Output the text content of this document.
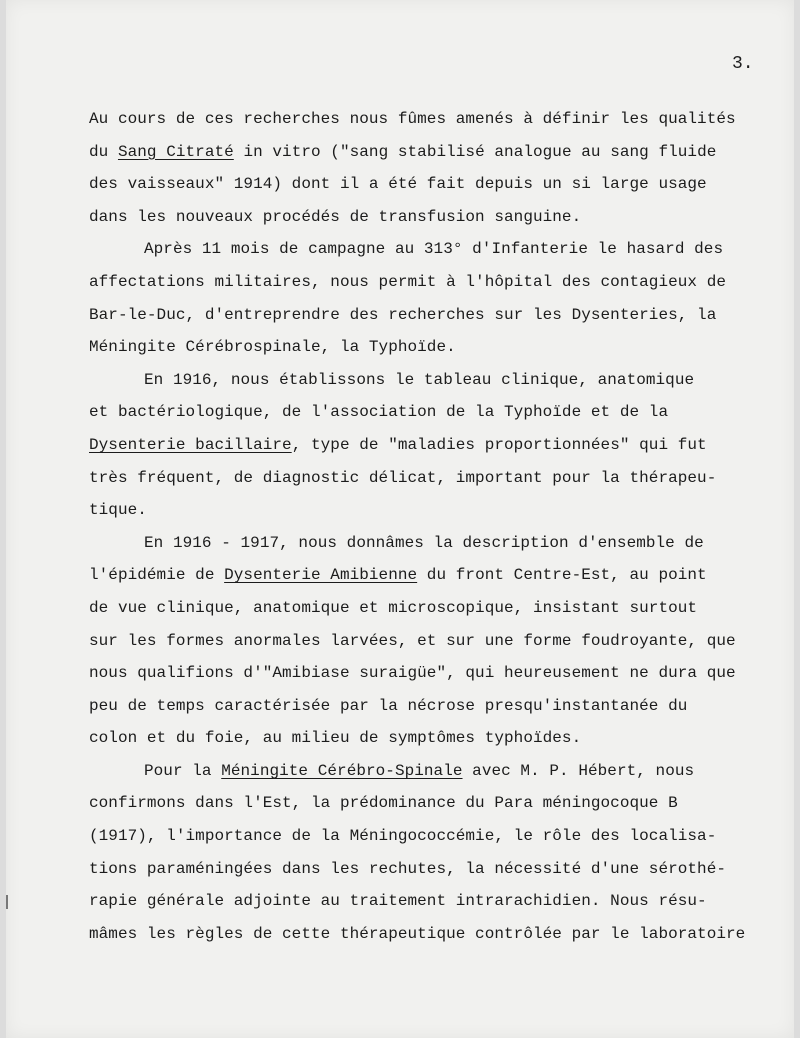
3.

Au cours de ces recherches nous fûmes amenés à définir les qualités
du Sang Citraté in vitro ("sang stabilisé analogue au sang fluide
des vaisseaux" 1914) dont il a été fait depuis un si large usage
dans les nouveaux procédés de transfusion sanguine.

Après 11 mois de campagne au 313° d'Infanterie le hasard des
affectations militaires, nous permit à l'hôpital des contagieux de
Bar-le-Duc, d'entreprendre des recherches sur les Dysenteries, la
Méningite Cérébrospinale, la Typhoïde.

En 1916, nous établissons le tableau clinique, anatomique
et bactériologique, de l'association de la Typhoïde et de la
Dysenterie bacillaire, type de "maladies proportionnées" qui fut
très fréquent, de diagnostic délicat, important pour la thérapeu-
tique.

En 1916 - 1917, nous donnâmes la description d'ensemble de
l'épidémie de Dysenterie Amibienne du front Centre-Est, au point
de vue clinique, anatomique et microscopique, insistant surtout
sur les formes anormales larvées, et sur une forme foudroyante, que
nous qualifions d'"Amibiase suraigüe", qui heureusement ne dura que
peu de temps caractérisée par la nécrose presqu'instantanée du
colon et du foie, au milieu de symptômes typhoïdes.

Pour la Méningite Cérébro-Spinale avec M. P. Hébert, nous
confirmons dans l'Est, la prédominance du Para méningocoque B
(1917), l'importance de la Méningococcémie, le rôle des localisa-
tions paraméningées dans les rechutes, la nécessité d'une sérothé-
rapie générale adjointe au traitement intrarachidien. Nous résu-
mâmes les règles de cette thérapeutique contrôlée par le laboratoire
